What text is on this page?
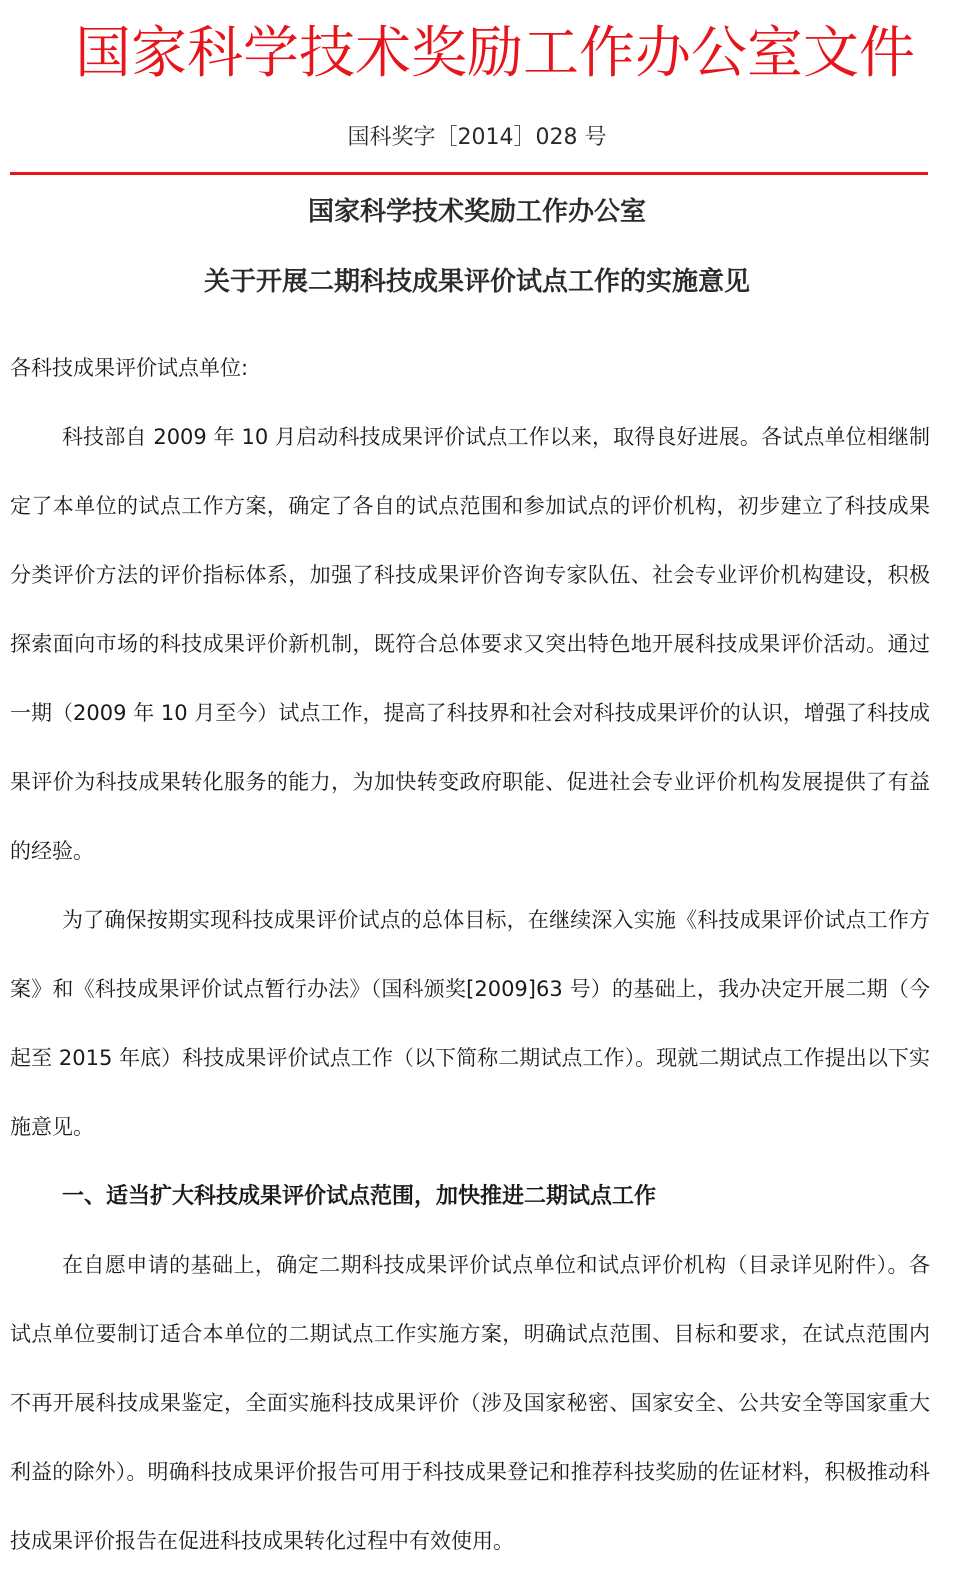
国家科学技术奖励工作办公室文件
国科奖字［2014］028 号
国家科学技术奖励工作办公室
关于开展二期科技成果评价试点工作的实施意见

各科技成果评价试点单位:

科技部自 2009 年 10 月启动科技成果评价试点工作以来，取得良好进展。各试点单位相继制定了本单位的试点工作方案，确定了各自的试点范围和参加试点的评价机构，初步建立了科技成果分类评价方法的评价指标体系，加强了科技成果评价咨询专家队伍、社会专业评价机构建设，积极探索面向市场的科技成果评价新机制，既符合总体要求又突出特色地开展科技成果评价活动。通过一期（2009 年 10 月至今）试点工作，提高了科技界和社会对科技成果评价的认识，增强了科技成果评价为科技成果转化服务的能力，为加快转变政府职能、促进社会专业评价机构发展提供了有益的经验。

为了确保按期实现科技成果评价试点的总体目标，在继续深入实施《科技成果评价试点工作方案》和《科技成果评价试点暂行办法》（国科颁奖[2009]63 号）的基础上，我办决定开展二期（今起至 2015 年底）科技成果评价试点工作（以下简称二期试点工作）。现就二期试点工作提出以下实施意见。

一、适当扩大科技成果评价试点范围，加快推进二期试点工作

在自愿申请的基础上，确定二期科技成果评价试点单位和试点评价机构（目录详见附件）。各试点单位要制订适合本单位的二期试点工作实施方案，明确试点范围、目标和要求，在试点范围内不再开展科技成果鉴定，全面实施科技成果评价（涉及国家秘密、国家安全、公共安全等国家重大利益的除外）。明确科技成果评价报告可用于科技成果登记和推荐科技奖励的佐证材料，积极推动科技成果评价报告在促进科技成果转化过程中有效使用。
